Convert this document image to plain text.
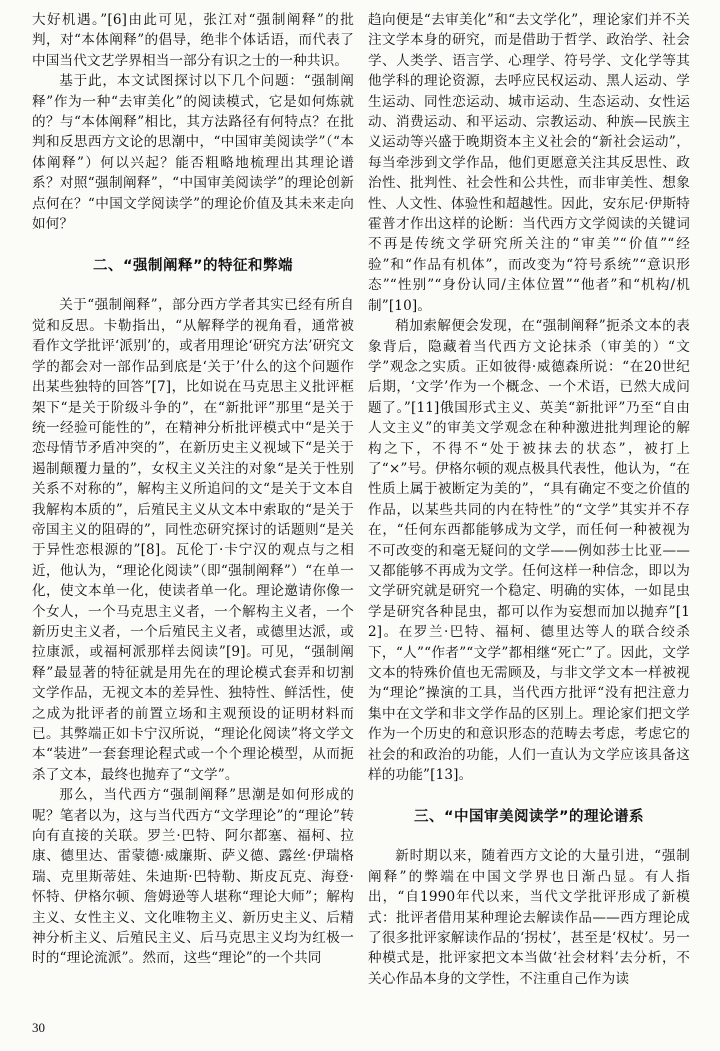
大好机遇。”[6]由此可见，张江对“强制阐释”的批判，对“本体阐释”的倡导，绝非个体话语，而代表了中国当代文艺学界相当一部分有识之士的一种共识。

基于此，本文试图探讨以下几个问题：“强制阐释”作为一种“去审美化”的阅读模式，它是如何炼就的？与“本体阐释”相比，其方法路径有何特点？在批判和反思西方文论的思潮中，“中国审美阅读学”（“本体阐释”）何以兴起？能否粗略地梳理出其理论谱系？对照“强制阐释”，“中国审美阅读学”的理论创新点何在？“中国文学阅读学”的理论价值及其未来走向如何？

二、“强制阐释”的特征和弊端

关于“强制阐释”，部分西方学者其实已经有所自觉和反思。卡勒指出，“从解释学的视角看，通常被看作文学批评‘派别’的，或者用理论‘研究方法’研究文学的都会对一部作品到底是‘关于’什么的这个问题作出某些独特的回答”[7]，比如说在马克思主义批评框架下“是关于阶级斗争的”，在“新批评”那里“是关于统一经验可能性的”，在精神分析批评模式中“是关于恋母情节矛盾冲突的”，在新历史主义视域下“是关于遏制颠覆力量的”，女权主义关注的对象“是关于性别关系不对称的”，解构主义所追问的文“是关于文本自我解构本质的”，后殖民主义从文本中索取的“是关于帝国主义的阻碍的”，同性恋研究探讨的话题则“是关于异性恋根源的”[8]。瓦伦丁·卡宁汉的观点与之相近，他认为，“理论化阅读”（即“强制阐释”）“在单一化，使文本单一化，使读者单一化。理论邀请你像一个女人，一个马克思主义者，一个解构主义者，一个新历史主义者，一个后殖民主义者，或德里达派，或拉康派，或福柯派那样去阅读”[9]。可见，“强制阐释”最显著的特征就是用先在的理论模式套弄和切割文学作品，无视文本的差异性、独特性、鲜活性，使之成为批评者的前置立场和主观预设的证明材料而已。其弊端正如卡宁汉所说，“理论化阅读”将文学文本“装进”一套套理论程式或一个个理论模型，从而扼杀了文本，最终也抛弃了“文学”。

那么，当代西方“强制阐释”思潮是如何形成的呢？笔者以为，这与当代西方“文学理论”的“理论”转向有直接的关联。罗兰·巴特、阿尔都塞、福柯、拉康、德里达、雷蒙德·威廉斯、萨义德、露丝·伊瑞格瑞、克里斯蒂娃、朱迪斯·巴特勒、斯皮瓦克、海登·怀特、伊格尔顿、詹姆逊等人堪称“理论大师”；解构主义、女性主义、文化唯物主义、新历史主义、后精神分析主义、后殖民主义、后马克思主义均为红极一时的“理论流派”。然而，这些“理论”的一个共同

趋向便是“去审美化”和“去文学化”，理论家们并不关注文学本身的研究，而是借助于哲学、政治学、社会学、人类学、语言学、心理学、符号学、文化学等其他学科的理论资源，去呼应民权运动、黑人运动、学生运动、同性恋运动、城市运动、生态运动、女性运动、消费运动、和平运动、宗教运动、种族—民族主义运动等兴盛于晚期资本主义社会的“新社会运动”，每当牵涉到文学作品，他们更愿意关注其反思性、政治性、批判性、社会性和公共性，而非审美性、想象性、人文性、体验性和超越性。因此，安东尼·伊斯特霍普才作出这样的论断：当代西方文学阅读的关键词不再是传统文学研究所关注的“审美”“价值”“经验”和“作品有机体”，而改变为“符号系统”“意识形态”“性别”“身份认同/主体位置”“他者”和“机构/机制”[10]。

稍加索解便会发现，在“强制阐释”扼杀文本的表象背后，隐藏着当代西方文论抹杀（审美的）“文学”观念之实质。正如彼得·威德森所说：“在20世纪后期，‘文学’作为一个概念、一个术语，已然大成问题了。”[11]俄国形式主义、英美“新批评”乃至“自由人文主义”的审美文学观念在种种激进批判理论的解构之下，不得不“处于被抹去的状态”，被打上了“×”号。伊格尔顿的观点极具代表性，他认为，“在性质上属于被断定为美的”，“具有确定不变之价值的作品，以某些共同的内在特性”的“文学”其实并不存在，“任何东西都能够成为文学，而任何一种被视为不可改变的和毫无疑问的文学——例如莎士比亚——又都能够不再成为文学。任何这样一种信念，即以为文学研究就是研究一个稳定、明确的实体，一如昆虫学是研究各种昆虫，都可以作为妄想而加以抛弃”[12]。在罗兰·巴特、福柯、德里达等人的联合绞杀下，“人”“作者”“文学”都相继“死亡”了。因此，文学文本的特殊价值也无需顾及，与非文学文本一样被视为“理论”操演的工具，当代西方批评“没有把注意力集中在文学和非文学作品的区别上。理论家们把文学作为一个历史的和意识形态的范畴去考虑，考虑它的社会的和政治的功能，人们一直认为文学应该具备这样的功能”[13]。

三、“中国审美阅读学”的理论谱系

新时期以来，随着西方文论的大量引进，“强制阐释”的弊端在中国文学界也日渐凸显。有人指出，“自1990年代以来，当代文学批评形成了新模式：批评者借用某种理论去解读作品——西方理论成了很多批评家解读作品的‘拐杖’，甚至是‘权杖’。另一种模式是，批评家把文本当做‘社会材料’去分析，不关心作品本身的文学性，不注重自己作为读

30
